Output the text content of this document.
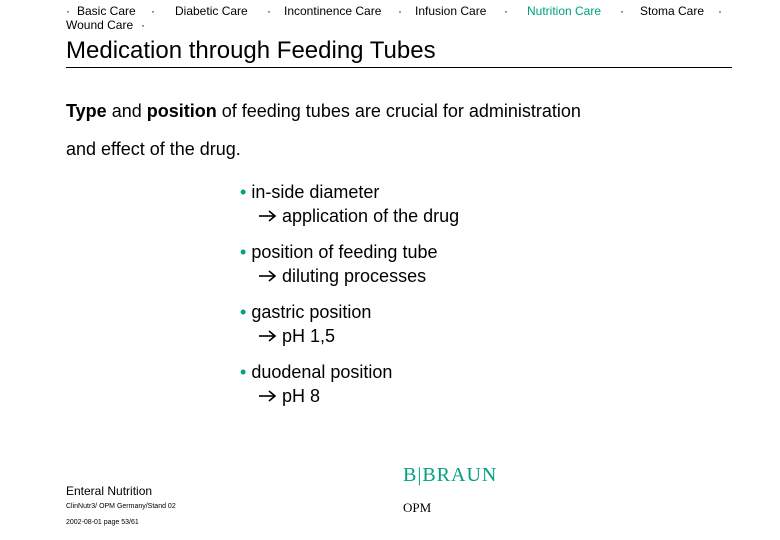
· Basic Care · Diabetic Care · Incontinence Care · Infusion Care · Nutrition Care · Stoma Care ·
Wound Care ·
Medication through Feeding Tubes
Type and position of feeding tubes are crucial for administration
and effect of the drug.
• in-side diameter
application of the drug
• position of feeding tube
diluting processes
• gastric position
pH 1,5
• duodenal position
pH 8
Enteral Nutrition
ClinNutr3/ OPM Germany/Stand 02
2002-08-01 page 53/61
B|BRAUN
OPM
